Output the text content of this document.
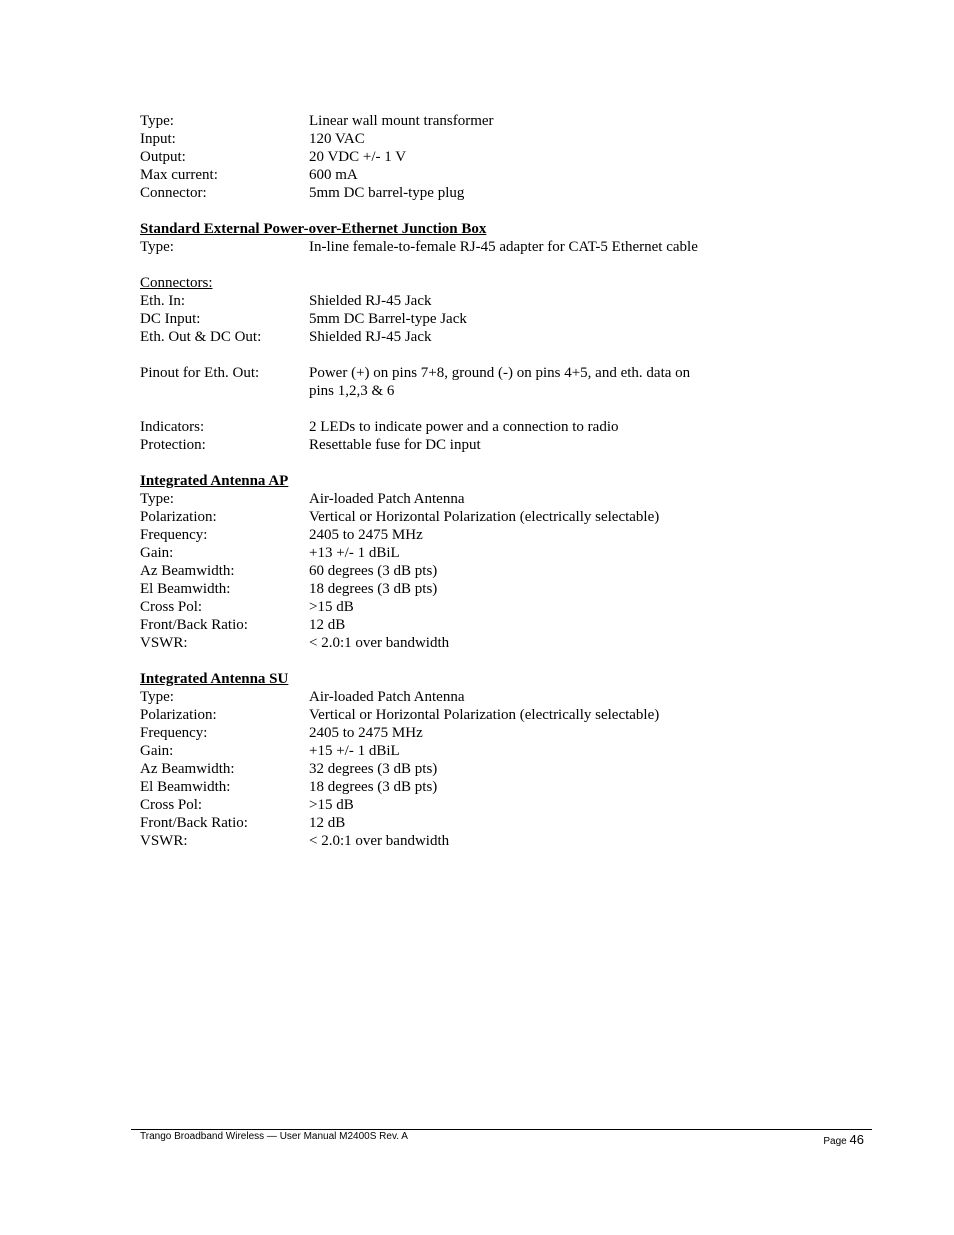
Type:	Linear wall mount transformer
Input:	120 VAC
Output:	20 VDC +/- 1 V
Max current:	600 mA
Connector:	5mm DC barrel-type plug
Standard External Power-over-Ethernet Junction Box
Type:	In-line female-to-female RJ-45 adapter for CAT-5 Ethernet cable
Connectors:
Eth. In:	Shielded RJ-45 Jack
DC Input:	5mm DC Barrel-type Jack
Eth. Out & DC Out:	Shielded RJ-45 Jack
Pinout for Eth. Out:	Power (+) on pins 7+8, ground (-) on pins 4+5, and eth. data on
pins 1,2,3 & 6
Indicators:	2 LEDs to indicate power and a connection to radio
Protection:	Resettable fuse for DC input
Integrated Antenna AP
Type:	Air-loaded Patch Antenna
Polarization:	Vertical or Horizontal Polarization (electrically selectable)
Frequency:	2405 to 2475 MHz
Gain:	+13 +/- 1 dBiL
Az Beamwidth:	60 degrees (3 dB pts)
El Beamwidth:	18 degrees (3 dB pts)
Cross Pol:	>15 dB
Front/Back Ratio:	12 dB
VSWR:	< 2.0:1 over bandwidth
Integrated Antenna SU
Type:	Air-loaded Patch Antenna
Polarization:	Vertical or Horizontal Polarization (electrically selectable)
Frequency:	2405 to 2475 MHz
Gain:	+15 +/- 1 dBiL
Az Beamwidth:	32 degrees (3 dB pts)
El Beamwidth:	18 degrees (3 dB pts)
Cross Pol:	>15 dB
Front/Back Ratio:	12 dB
VSWR:	< 2.0:1 over bandwidth
Trango Broadband Wireless — User Manual M2400S Rev. A	Page 46
